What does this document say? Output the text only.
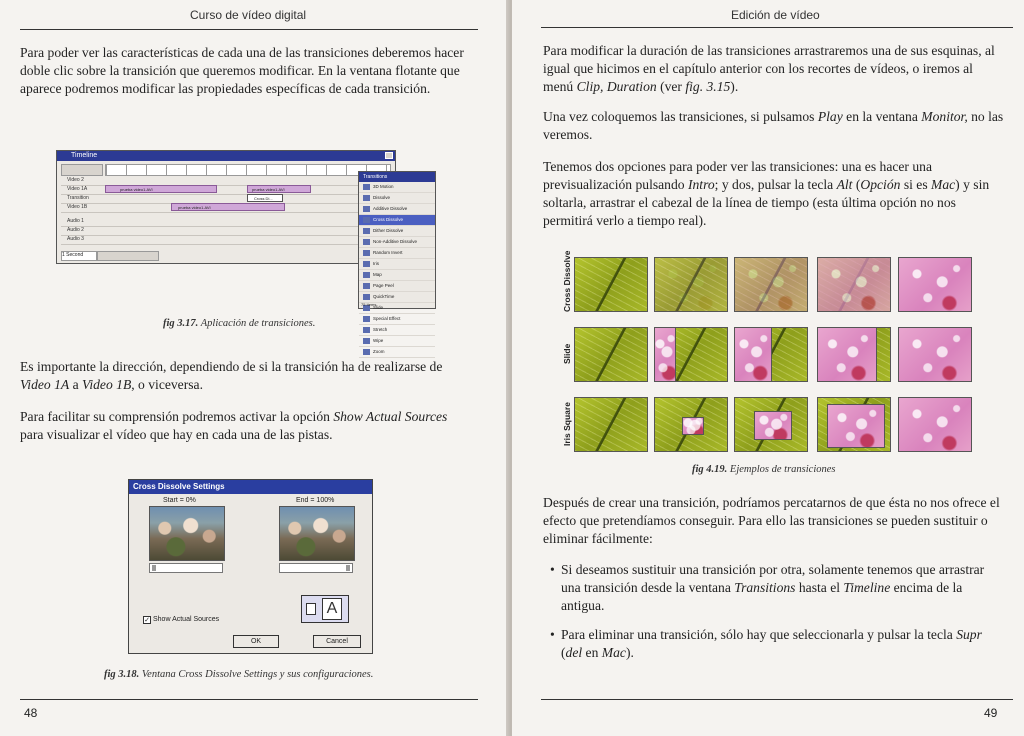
Curso de vídeo digital

Para poder ver las características de cada una de las transiciones deberemos hacer doble clic sobre la transición que queremos modificar. En la ventana flotante que aparece podremos modificar las propiedades específicas de cada transición.

Timeline
Video 2
Video 1A	prueba video1.AVI	prueba video1.AVI
Transition	Cross Di...
Video 1B	prueba video1.AVI
Audio 1
Audio 2
Audio 3
1 Second
Transitions
3D Motion
Dissolve
Additive Dissolve
Cross Dissolve
Dither Dissolve
Non-Additive Dissolve
Random Invert
Iris
Map
Page Peel
QuickTime
Slide
Special Effect
Stretch
Wipe
Zoom
75 Items
fig 3.17. Aplicación de transiciones.

Es importante la dirección, dependiendo de si la transición ha de realizarse de Video 1A a Video 1B, o viceversa.

Para facilitar su comprensión podremos activar la opción Show Actual Sources para visualizar el vídeo que hay en cada una de las pistas.

Cross Dissolve Settings
Start = 0%	End = 100%
✓ Show Actual Sources
A
OK	Cancel
fig 3.18. Ventana Cross Dissolve Settings y sus configuraciones.
48
Edición de vídeo

Para modificar la duración de las transiciones arrastraremos una de sus esquinas, al igual que hicimos en el capítulo anterior con los recortes de vídeos, o iremos al menú Clip, Duration (ver fig. 3.15).

Una vez coloquemos las transiciones, si pulsamos Play en la ventana Monitor, no las veremos.

Tenemos dos opciones para poder ver las transiciones: una es hacer una previsualización pulsando Intro; y dos, pulsar la tecla Alt (Opción si es Mac) y sin soltarla, arrastrar el cabezal de la línea de tiempo (esta última opción no nos permitirá verlo a tiempo real).

Cross Dissolve
Slide
Iris Square
fig 4.19. Ejemplos de transiciones

Después de crear una transición, podríamos percatarnos de que ésta no nos ofrece el efecto que pretendíamos conseguir. Para ello las transiciones se pueden sustituir o eliminar fácilmente:

• Si deseamos sustituir una transición por otra, solamente tenemos que arrastrar una transición desde la ventana Transitions hasta el Timeline encima de la antigua.

• Para eliminar una transición, sólo hay que seleccionarla y pulsar la tecla Supr (del en Mac).

49
